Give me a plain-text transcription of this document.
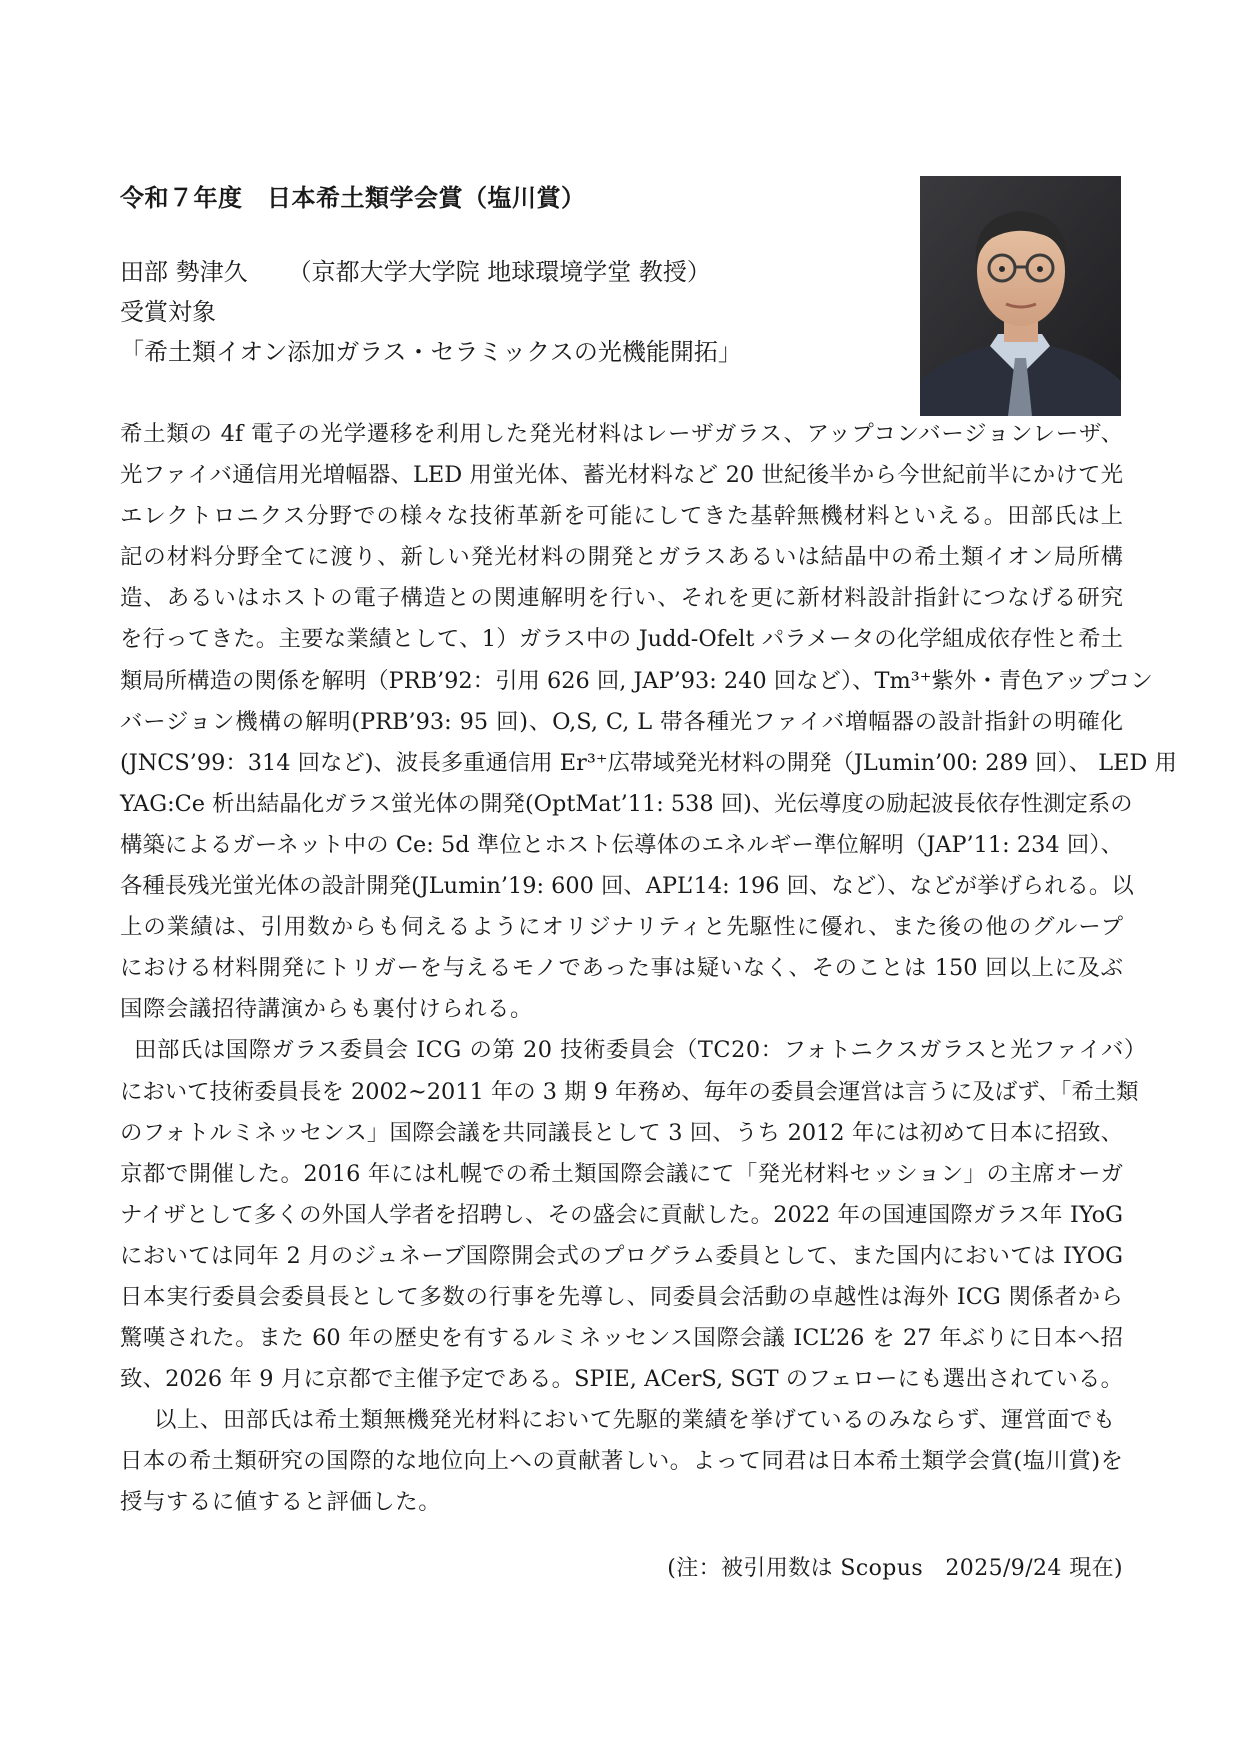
令和７年度　日本希土類学会賞（塩川賞）
田部 勢津久 （京都大学大学院 地球環境学堂 教授）
受賞対象
「希土類イオン添加ガラス・セラミックスの光機能開拓」
希土類の 4f 電子の光学遷移を利用した発光材料はレーザガラス、アップコンバージョンレーザ、
光ファイバ通信用光増幅器、LED 用蛍光体、蓄光材料など 20 世紀後半から今世紀前半にかけて光
エレクトロニクス分野での様々な技術革新を可能にしてきた基幹無機材料といえる。田部氏は上
記の材料分野全てに渡り、新しい発光材料の開発とガラスあるいは結晶中の希土類イオン局所構
造、あるいはホストの電子構造との関連解明を行い、それを更に新材料設計指針につなげる研究
を行ってきた。主要な業績として、1）ガラス中の Judd-Ofelt パラメータの化学組成依存性と希土
類局所構造の関係を解明（PRB’92：引用 626 回, JAP’93: 240 回など）、Tm³⁺紫外・青色アップコン
バージョン機構の解明(PRB’93: 95 回)、O,S, C, L 帯各種光ファイバ増幅器の設計指針の明確化
(JNCS’99：314 回など)、波長多重通信用 Er³⁺広帯域発光材料の開発（JLumin’00: 289 回）、 LED 用
YAG:Ce 析出結晶化ガラス蛍光体の開発(OptMat’11: 538 回)、光伝導度の励起波長依存性測定系の
構築によるガーネット中の Ce: 5d 準位とホスト伝導体のエネルギー準位解明（JAP’11: 234 回）、
各種長残光蛍光体の設計開発(JLumin’19: 600 回、APL’14: 196 回、など）、などが挙げられる。以
上の業績は、引用数からも伺えるようにオリジナリティと先駆性に優れ、また後の他のグループ
における材料開発にトリガーを与えるモノであった事は疑いなく、そのことは 150 回以上に及ぶ
国際会議招待講演からも裏付けられる。
田部氏は国際ガラス委員会 ICG の第 20 技術委員会（TC20：フォトニクスガラスと光ファイバ）
において技術委員長を 2002~2011 年の 3 期 9 年務め、毎年の委員会運営は言うに及ばず、「希土類
のフォトルミネッセンス」国際会議を共同議長として 3 回、うち 2012 年には初めて日本に招致、
京都で開催した。2016 年には札幌での希土類国際会議にて「発光材料セッション」の主席オーガ
ナイザとして多くの外国人学者を招聘し、その盛会に貢献した。2022 年の国連国際ガラス年 IYoG
においては同年 2 月のジュネーブ国際開会式のプログラム委員として、また国内においては IYOG
日本実行委員会委員長として多数の行事を先導し、同委員会活動の卓越性は海外 ICG 関係者から
驚嘆された。また 60 年の歴史を有するルミネッセンス国際会議 ICL’26 を 27 年ぶりに日本へ招
致、2026 年 9 月に京都で主催予定である。SPIE, ACerS, SGT のフェローにも選出されている。
以上、田部氏は希土類無機発光材料において先駆的業績を挙げているのみならず、運営面でも
日本の希土類研究の国際的な地位向上への貢献著しい。よって同君は日本希土類学会賞(塩川賞)を
授与するに値すると評価した。
(注：被引用数は Scopus　2025/9/24 現在)
